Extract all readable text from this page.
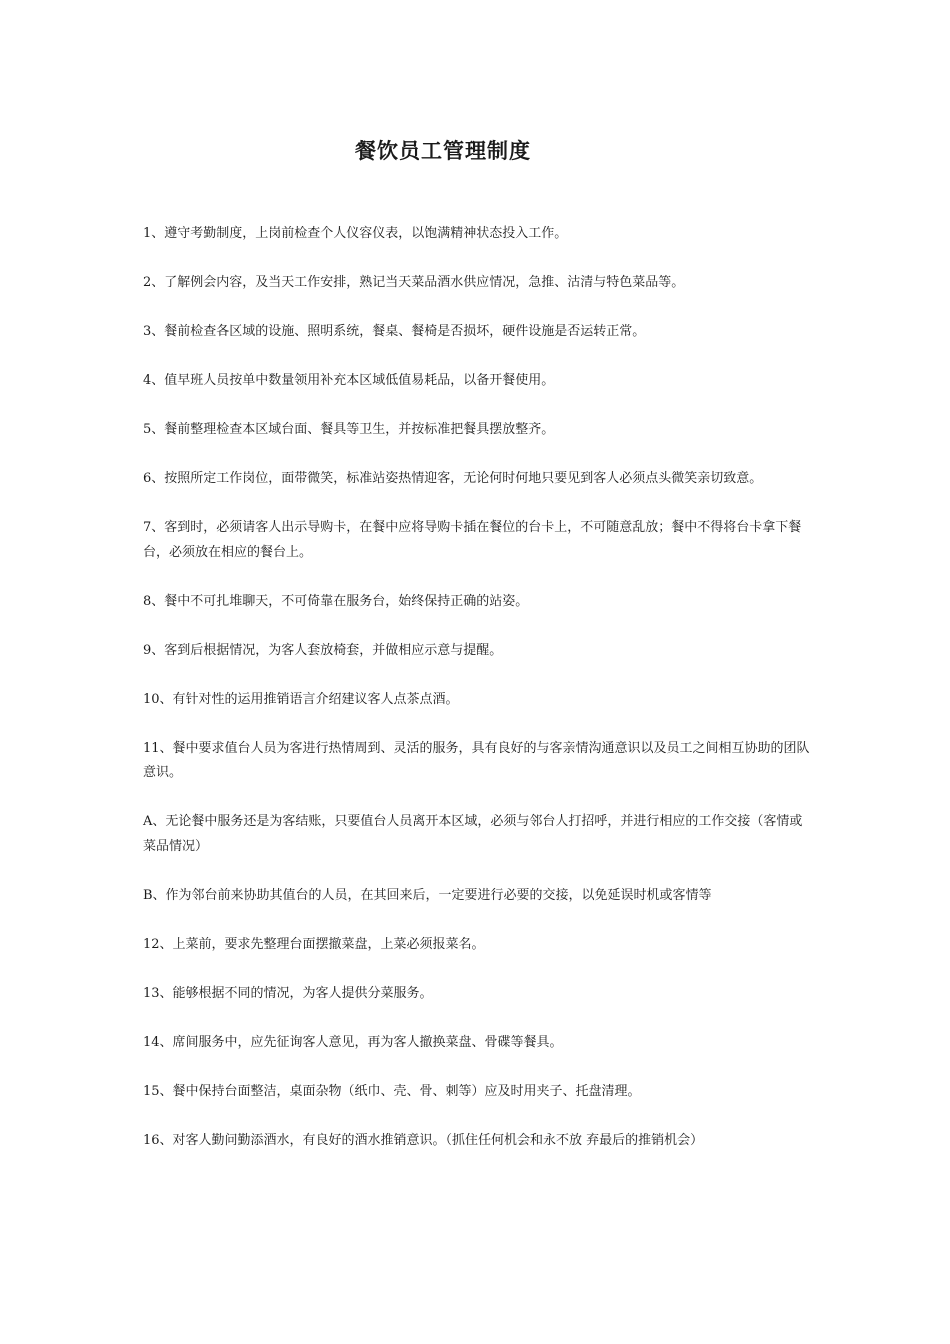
餐饮员工管理制度
1、遵守考勤制度，上岗前检查个人仪容仪表，以饱满精神状态投入工作。
2、了解例会内容，及当天工作安排，熟记当天菜品酒水供应情况，急推、沽清与特色菜品等。
3、餐前检查各区域的设施、照明系统，餐桌、餐椅是否损坏，硬件设施是否运转正常。
4、值早班人员按单中数量领用补充本区域低值易耗品，以备开餐使用。
5、餐前整理检查本区域台面、餐具等卫生，并按标准把餐具摆放整齐。
6、按照所定工作岗位，面带微笑，标准站姿热情迎客，无论何时何地只要见到客人必须点头微笑亲切致意。
7、客到时，必须请客人出示导购卡，在餐中应将导购卡插在餐位的台卡上，不可随意乱放；餐中不得将台卡拿下餐台，必须放在相应的餐台上。
8、餐中不可扎堆聊天，不可倚靠在服务台，始终保持正确的站姿。
9、客到后根据情况，为客人套放椅套，并做相应示意与提醒。
10、有针对性的运用推销语言介绍建议客人点茶点酒。
11、餐中要求值台人员为客进行热情周到、灵活的服务，具有良好的与客亲情沟通意识以及员工之间相互协助的团队意识。
A、无论餐中服务还是为客结账，只要值台人员离开本区域，必须与邻台人打招呼，并进行相应的工作交接（客情或菜品情况）
B、作为邻台前来协助其值台的人员，在其回来后，一定要进行必要的交接，以免延误时机或客情等
12、上菜前，要求先整理台面摆撤菜盘，上菜必须报菜名。
13、能够根据不同的情况，为客人提供分菜服务。
14、席间服务中，应先征询客人意见，再为客人撤换菜盘、骨碟等餐具。
15、餐中保持台面整洁，桌面杂物（纸巾、壳、骨、刺等）应及时用夹子、托盘清理。
16、对客人勤问勤添酒水，有良好的酒水推销意识。（抓住任何机会和永不放 弃最后的推销机会）
